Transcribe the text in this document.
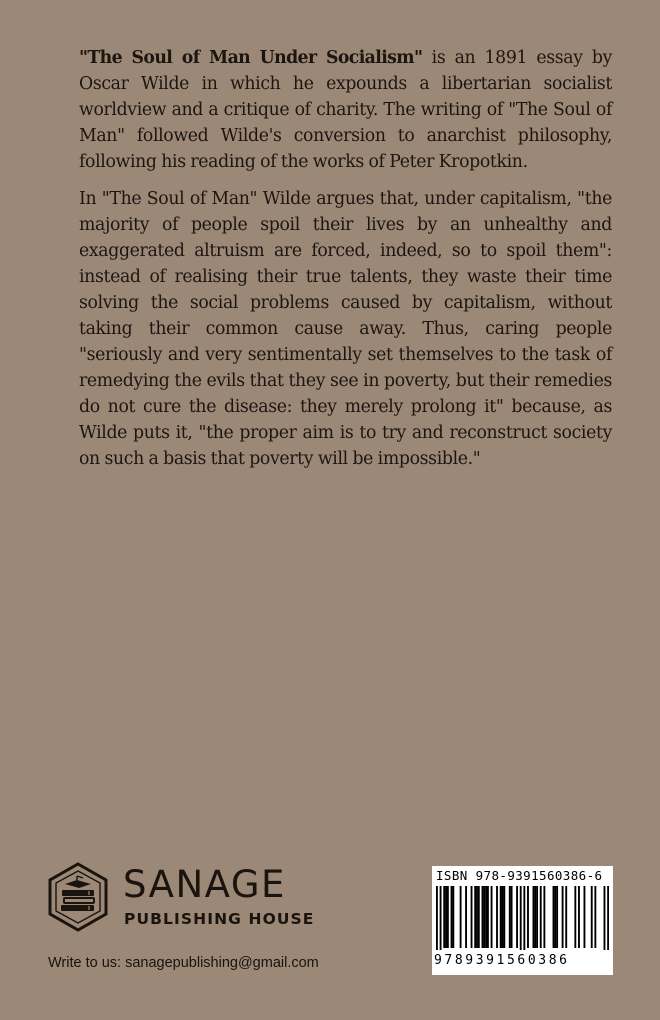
"The Soul of Man Under Socialism" is an 1891 essay by Oscar Wilde in which he expounds a libertarian socialist worldview and a critique of charity. The writing of "The Soul of Man" followed Wilde's conversion to anarchist philosophy, following his reading of the works of Peter Kropotkin.

In "The Soul of Man" Wilde argues that, under capitalism, "the majority of people spoil their lives by an unhealthy and exaggerated altruism are forced, indeed, so to spoil them": instead of realising their true talents, they waste their time solving the social problems caused by capitalism, without taking their common cause away. Thus, caring people "seriously and very sentimentally set themselves to the task of remedying the evils that they see in poverty, but their remedies do not cure the disease: they merely prolong it" because, as Wilde puts it, "the proper aim is to try and reconstruct society on such a basis that poverty will be impossible."

SANAGE
PUBLISHING HOUSE
Write to us: sanagepublishing@gmail.com
ISBN 978-9391560386-6
9789391560386
